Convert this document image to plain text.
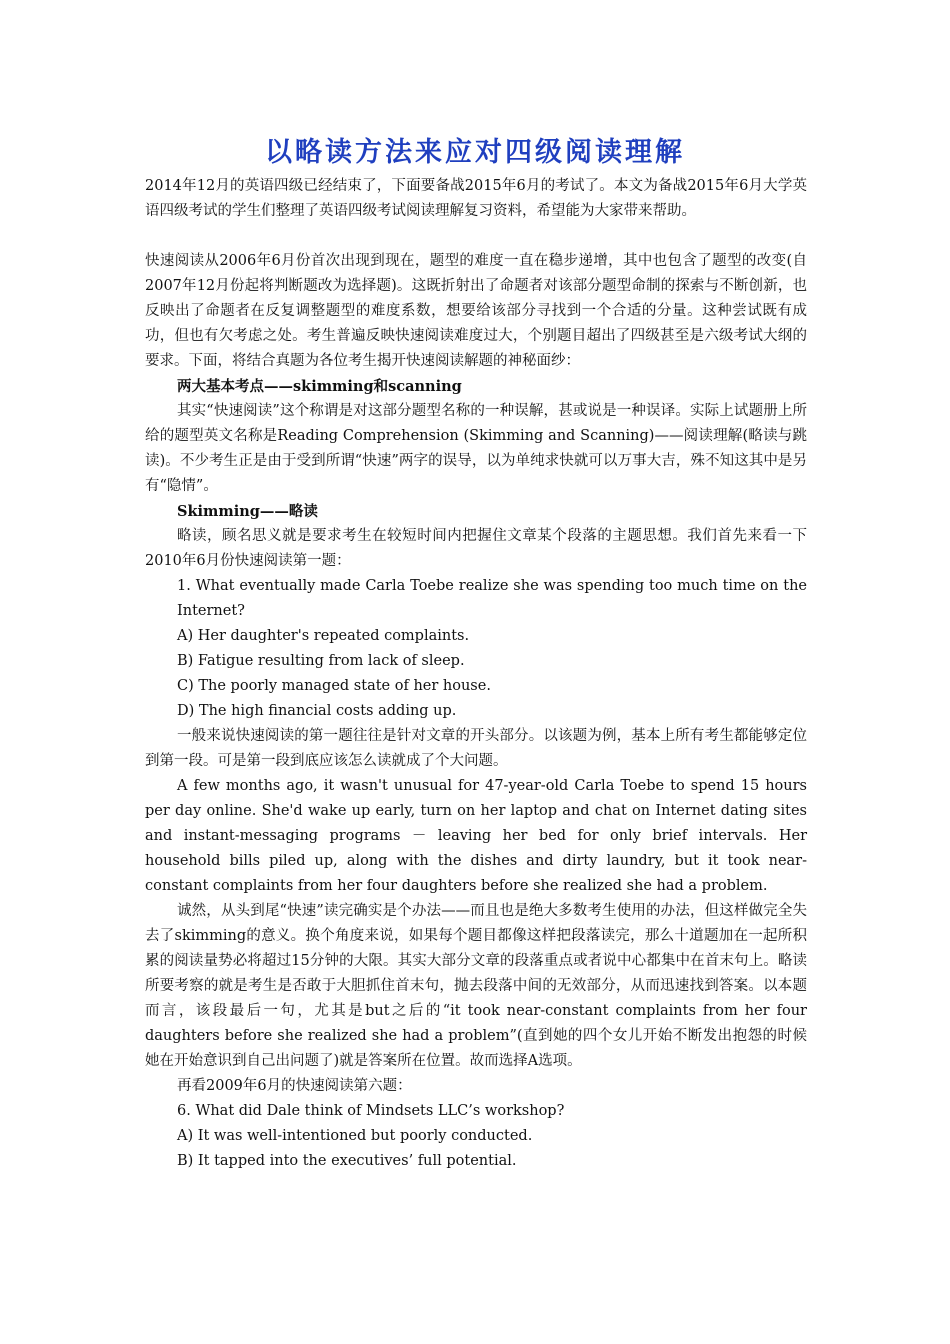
以略读方法来应对四级阅读理解

2014年12月的英语四级已经结束了，下面要备战2015年6月的考试了。本文为备战2015年6月大学英语四级考试的学生们整理了英语四级考试阅读理解复习资料，希望能为大家带来帮助。

快速阅读从2006年6月份首次出现到现在，题型的难度一直在稳步递增，其中也包含了题型的改变(自2007年12月份起将判断题改为选择题)。这既折射出了命题者对该部分题型命制的探索与不断创新，也反映出了命题者在反复调整题型的难度系数，想要给该部分寻找到一个合适的分量。这种尝试既有成功，但也有欠考虑之处。考生普遍反映快速阅读难度过大，个别题目超出了四级甚至是六级考试大纲的要求。下面，将结合真题为各位考生揭开快速阅读解题的神秘面纱：

两大基本考点——skimming和scanning

其实“快速阅读”这个称谓是对这部分题型名称的一种误解，甚或说是一种误译。实际上试题册上所给的题型英文名称是Reading Comprehension (Skimming and Scanning)——阅读理解(略读与跳读)。不少考生正是由于受到所谓“快速”两字的误导，以为单纯求快就可以万事大吉，殊不知这其中是另有“隐情”。

Skimming——略读

略读，顾名思义就是要求考生在较短时间内把握住文章某个段落的主题思想。我们首先来看一下2010年6月份快速阅读第一题：

1. What eventually made Carla Toebe realize she was spending too much time on the Internet?

A) Her daughter's repeated complaints.

B) Fatigue resulting from lack of sleep.

C) The poorly managed state of her house.

D) The high financial costs adding up.

一般来说快速阅读的第一题往往是针对文章的开头部分。以该题为例，基本上所有考生都能够定位到第一段。可是第一段到底应该怎么读就成了个大问题。

A few months ago, it wasn't unusual for 47-year-old Carla Toebe to spend 15 hours per day online. She'd wake up early, turn on her laptop and chat on Internet dating sites and instant-messaging programs － leaving her bed for only brief intervals. Her household bills piled up, along with the dishes and dirty laundry, but it took near-constant complaints from her four daughters before she realized she had a problem.

诚然，从头到尾“快速”读完确实是个办法——而且也是绝大多数考生使用的办法，但这样做完全失去了skimming的意义。换个角度来说，如果每个题目都像这样把段落读完，那么十道题加在一起所积累的阅读量势必将超过15分钟的大限。其实大部分文章的段落重点或者说中心都集中在首末句上。略读所要考察的就是考生是否敢于大胆抓住首末句，抛去段落中间的无效部分，从而迅速找到答案。以本题而言，该段最后一句，尤其是but之后的“it took near-constant complaints from her four daughters before she realized she had a problem”(直到她的四个女儿开始不断发出抱怨的时候她在开始意识到自己出问题了)就是答案所在位置。故而选择A选项。

再看2009年6月的快速阅读第六题：

6. What did Dale think of Mindsets LLC’s workshop?

A) It was well-intentioned but poorly conducted.

B) It tapped into the executives’ full potential.
